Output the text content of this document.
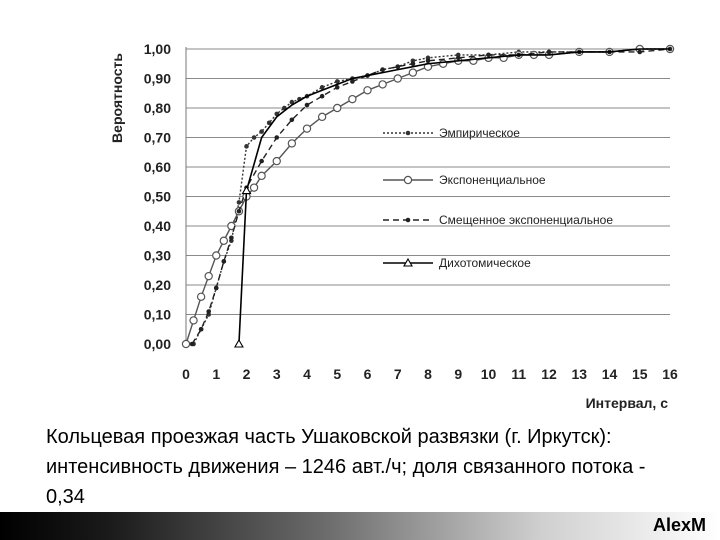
0,00
0,10
0,20
0,30
0,40
0,50
0,60
0,70
0,80
0,90
1,00
0 1 2 3 4 5 6 7 8 9 10 11 12 13 14 15 16
Эмпирическое
Экспоненциальное
Смещенное экспоненциальное
Дихотомическое
Вероятность
Интервал, с
Кольцевая проезжая часть Ушаковской развязки (г. Иркутск): интенсивность движения – 1246 авт./ч; доля связанного потока - 0,34
AlexM
